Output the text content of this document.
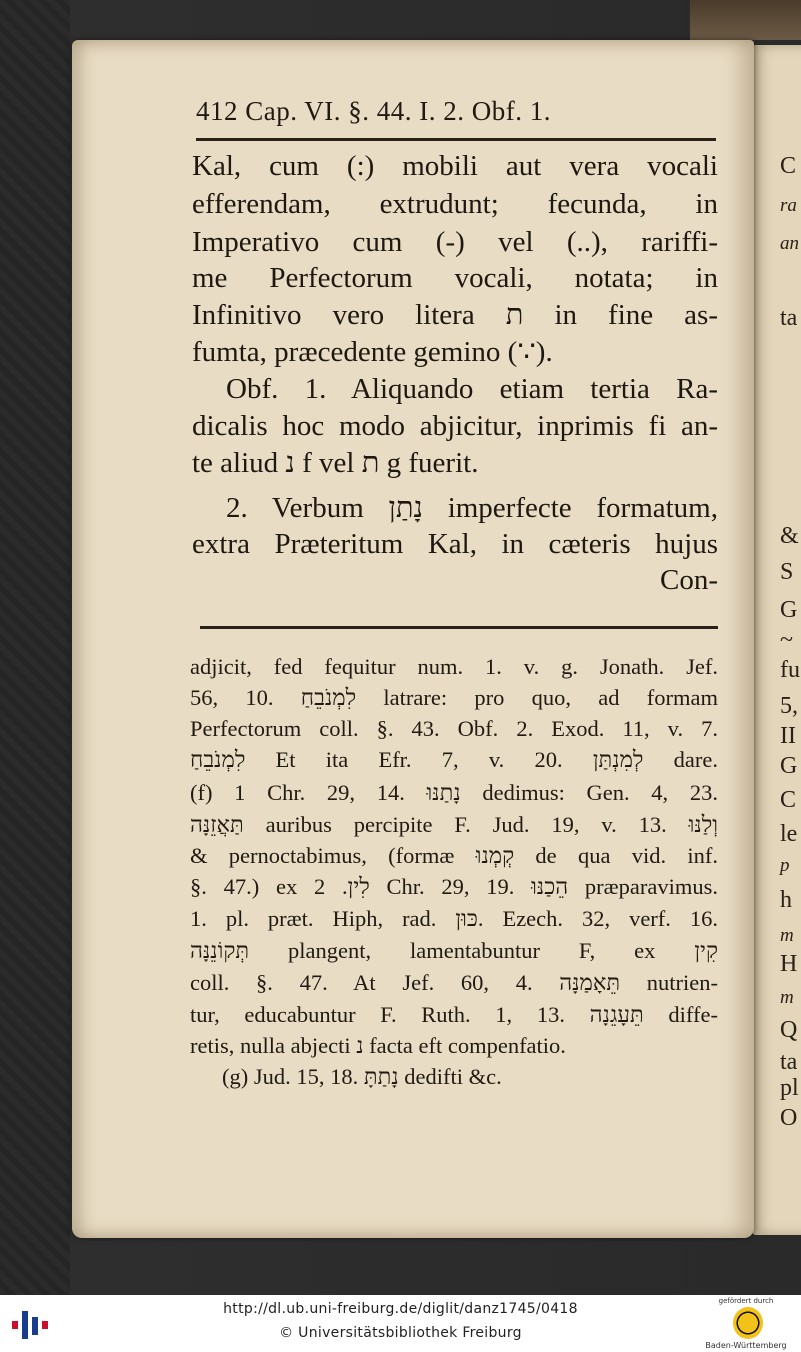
C
ra
an
ta
&
S
G
~
fu
5,
II
G
C
le
p
h
m
H
m
Q
ta
pl
O
412 Cap. VI. §. 44. I. 2. Obf. 1.
Kal, cum (:) mobili aut vera vocali
efferendam, extrudunt; fecunda, in
Imperativo cum (-) vel (..), rariffi-
me Perfectorum vocali, notata; in
Infinitivo vero litera ת in fine as-
fumta, præcedente gemino (∵).
Obf. 1. Aliquando etiam tertia Ra-
dicalis hoc modo abjicitur, inprimis fi an-
te aliud נ f vel ת g fuerit.
2. Verbum נָתַן imperfecte formatum,
extra Præteritum Kal, in cæteris hujus
Con-
adjicit, fed fequitur num. 1. v. g. Jonath. Jef.
56, 10. לִמְנֹבֵחַ latrare: pro quo, ad formam
Perfectorum coll. §. 43. Obf. 2. Exod. 11, v. 7.
לִמְנֹבֵחַ Et ita Efr. 7, v. 20. לְמִנְתַּן dare.
(f) 1 Chr. 29, 14. נָתַנּוּ dedimus: Gen. 4, 23.
תַּאֲזֵנָּה auribus percipite F. Jud. 19, v. 13. וְלַנּוּ
& pernoctabimus, (formæ קְמְנוּ de qua vid. inf.
§. 47.) ex לִין. 2 Chr. 29, 19. הֵכַנּוּ præparavimus.
1. pl. præt. Hiph, rad. כּוּן. Ezech. 32, verf. 16.
תְּקוֹנֵנָּה plangent, lamentabuntur F, ex קִין
coll. §. 47. At Jef. 60, 4. תֵּאָמַנָּה nutrien-
tur, educabuntur F. Ruth. 1, 13. תֵּעָגֵנָה diffe-
retis, nulla abjecti נ facta eft compenfatio.
(g) Jud. 15, 18. נָתַתָּ dedifti &c.
http://dl.ub.uni-freiburg.de/diglit/danz1745/0418
© Universitätsbibliothek Freiburg
gefördert durch
Baden-Württemberg
